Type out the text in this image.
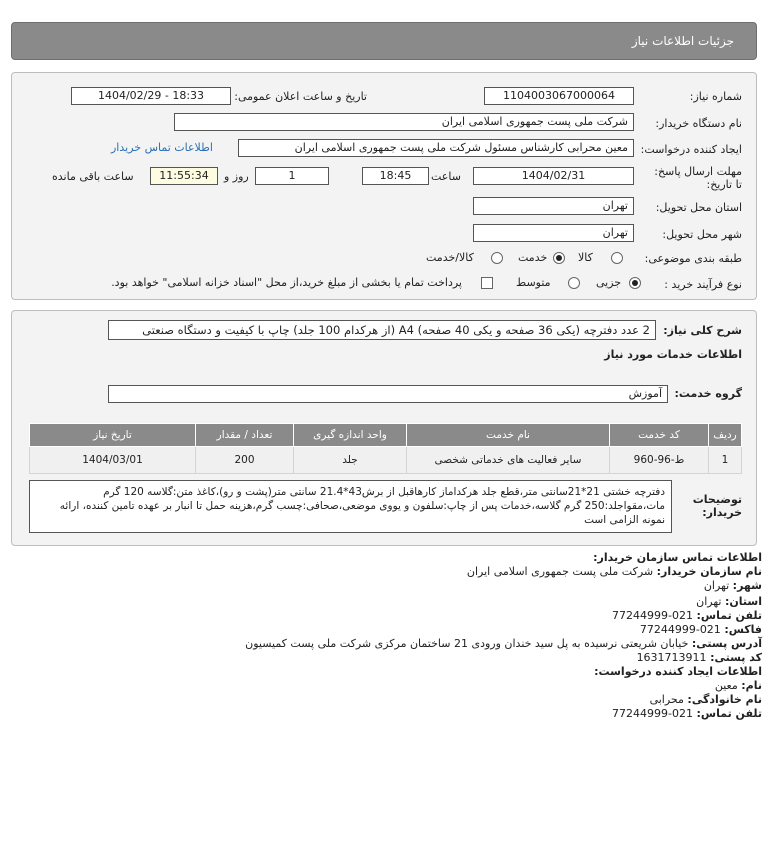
جزئیات اطلاعات نیاز
شماره نیاز:
1104003067000064
تاریخ و ساعت اعلان عمومی:
1404/02/29 - 18:33
نام دستگاه خریدار:
شرکت ملی پست جمهوری اسلامی ایران
ایجاد کننده درخواست:
معین محرابی کارشناس مسئول شرکت ملی پست جمهوری اسلامی ایران
اطلاعات تماس خریدار
مهلت ارسال پاسخ: تا تاریخ:
1404/02/31
ساعت
18:45
1
روز و
11:55:34
ساعت باقی مانده
استان محل تحویل:
تهران
شهر محل تحویل:
تهران
طبقه بندی موضوعی:
کالا
خدمت
کالا/خدمت
نوع فرآیند خرید :
جزیی
متوسط
پرداخت تمام یا بخشی از مبلغ خرید،از محل "اسناد خزانه اسلامی" خواهد بود.
شرح کلی نیاز:
2 عدد دفترچه (یکی 36 صفحه و یکی 40 صفحه) A4 (از هرکدام 100 جلد) چاپ با کیفیت و دستگاه صنعتی
اطلاعات خدمات مورد نیاز
گروه خدمت:
آموزش
توضیحات خریدار:
ردیف	کد خدمت	نام خدمت	واحد اندازه گیری	تعداد / مقدار	تاریخ نیاز
1	ط-96-960	سایر فعالیت های خدماتی شخصی	جلد	200	1404/03/01
دفترچه خشتی 21*21سانتی متر،قطع جلد هرکداماز کارهاقبل از برش43*21.4 سانتی متر(پشت و رو)،کاغذ متن:گلاسه 120 گرم مات،مقواجلد:250 گرم گلاسه،خدمات پس از چاپ:سلفون و یووی موضعی،صحافی:چسب گرم،هزینه حمل تا انبار بر عهده تامین کننده، ارائه نمونه الزامی است
اطلاعات تماس سازمان خریدار:
نام سازمان خریدار: شرکت ملی پست جمهوری اسلامی ایران
شهر: تهران
استان: تهران
تلفن تماس: 021-77244999
فاکس: 021-77244999
آدرس پستی: خیابان شریعتی نرسیده به پل سید خندان ورودی 21 ساختمان مرکزی شرکت ملی پست کمیسیون
کد پستی: 1631713911
اطلاعات ایجاد کننده درخواست:
نام: معین
نام خانوادگی: محرابی
تلفن تماس: 021-77244999
